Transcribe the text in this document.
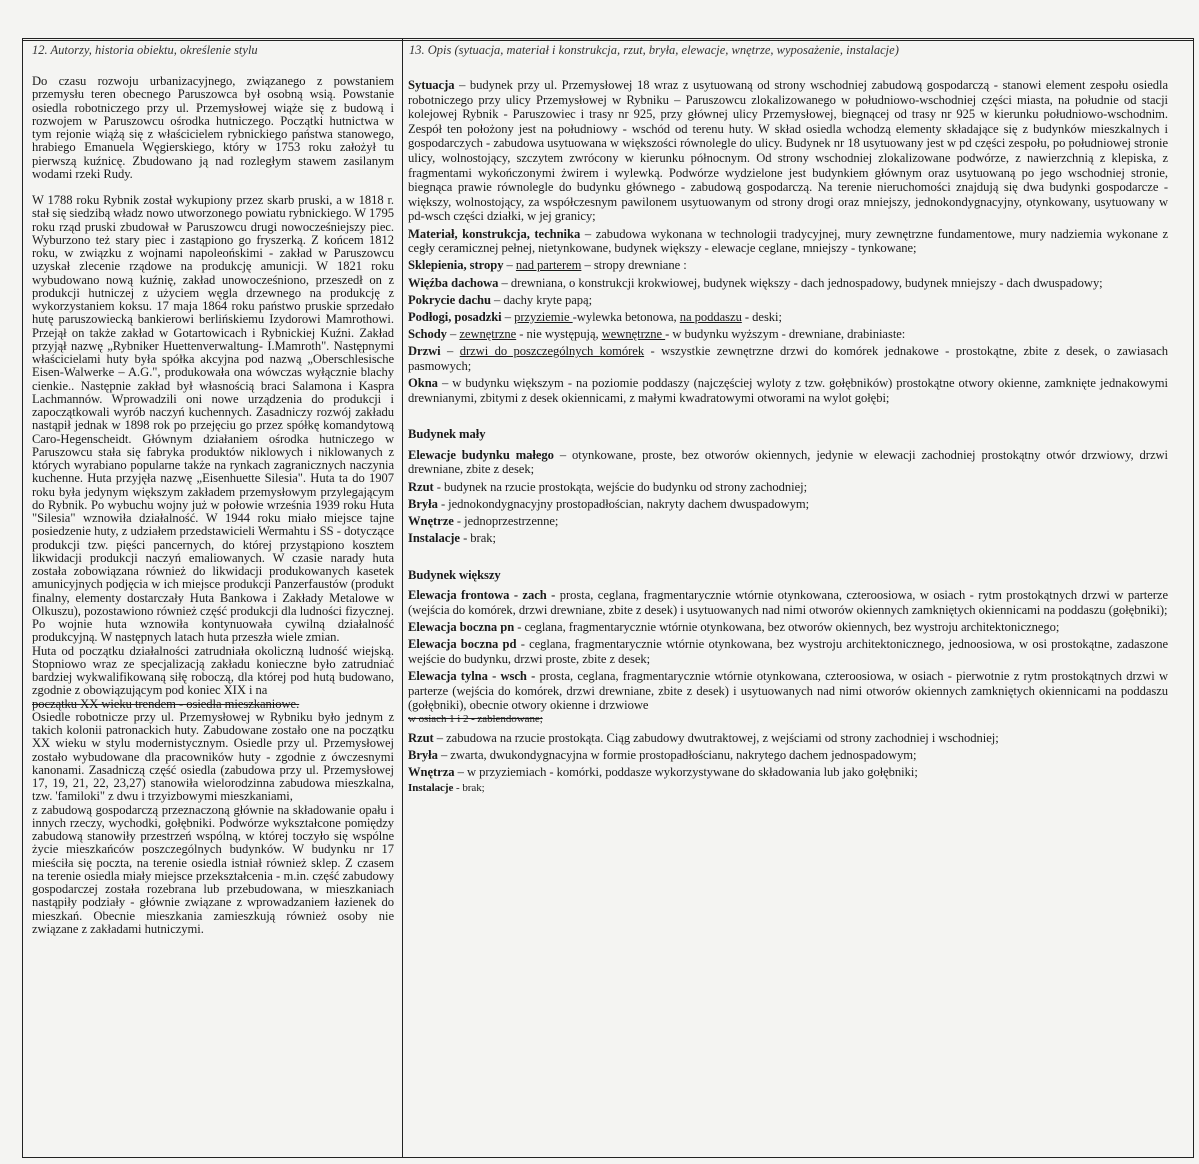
12. Autorzy, historia obiektu, określenie stylu	13. Opis (sytuacja, materiał i konstrukcja, rzut, bryła, elewacje, wnętrze, wyposażenie, instalacje)

Do czasu rozwoju urbanizacyjnego, związanego z powstaniem przemysłu teren obecnego Paruszowca był osobną wsią. Powstanie osiedla robotniczego przy ul. Przemysłowej wiąże się z budową i rozwojem w Paruszowcu ośrodka hutniczego. Początki hutnictwa w tym rejonie wiążą się z właścicielem rybnickiego państwa stanowego, hrabiego Emanuela Węgierskiego, który w 1753 roku założył tu pierwszą kuźnicę. Zbudowano ją nad rozległym stawem zasilanym wodami rzeki Rudy.

W 1788 roku Rybnik został wykupiony przez skarb pruski, a w 1818 r. stał się siedzibą władz nowo utworzonego powiatu rybnickiego. W 1795 roku rząd pruski zbudował w Paruszowcu drugi nowocześniejszy piec. Wyburzono też stary piec i zastąpiono go fryszerką. Z końcem 1812 roku, w związku z wojnami napoleońskimi - zakład w Paruszowcu uzyskał zlecenie rządowe na produkcję amunicji. W 1821 roku wybudowano nową kuźnię, zakład unowocześniono, przeszedł on z produkcji hutniczej z użyciem węgla drzewnego na produkcję z wykorzystaniem koksu. 17 maja 1864 roku państwo pruskie sprzedało hutę paruszowiecką bankierowi berlińskiemu Izydorowi Mamrothowi. Przejął on także zakład w Gotartowicach i Rybnickiej Kuźni. Zakład przyjął nazwę „Rybniker Huettenverwaltung- I.Mamroth". Następnymi właścicielami huty była spółka akcyjna pod nazwą „Oberschlesische Eisen-Walwerke – A.G.", produkowała ona wówczas wyłącznie blachy cienkie.. Następnie zakład był własnością braci Salamona i Kaspra Lachmannów. Wprowadzili oni nowe urządzenia do produkcji i zapoczątkowali wyrób naczyń kuchennych. Zasadniczy rozwój zakładu nastąpił jednak w 1898 rok po przejęciu go przez spółkę komandytową Caro-Hegenscheidt. Głównym działaniem ośrodka hutniczego w Paruszowcu stała się fabryka produktów niklowych i niklowanych z których wyrabiano popularne także na rynkach zagranicznych naczynia kuchenne. Huta przyjęła nazwę „Eisenhuette Silesia". Huta ta do 1907 roku była jedynym większym zakładem przemysłowym przylegającym do Rybnik. Po wybuchu wojny już w połowie września 1939 roku Huta "Silesia" wznowiła działalność. W 1944 roku miało miejsce tajne posiedzenie huty, z udziałem przedstawicieli Wermahtu i SS - dotyczące produkcji tzw. pięści pancernych, do której przystąpiono kosztem likwidacji produkcji naczyń emaliowanych. W czasie narady huta została zobowiązana również do likwidacji produkowanych kasetek amunicyjnych podjęcia w ich miejsce produkcji Panzerfaustów (produkt finalny, elementy dostarczały Huta Bankowa i Zakłady Metalowe w Olkuszu), pozostawiono również część produkcji dla ludności fizycznej. Po wojnie huta wznowiła kontynuowała cywilną działalność produkcyjną. W następnych latach huta przeszła wiele zmian.

Huta od początku działalności zatrudniała okoliczną ludność wiejską. Stopniowo wraz ze specjalizacją zakładu konieczne było zatrudniać bardziej wykwalifikowaną siłę roboczą, dla której pod hutą budowano, zgodnie z obowiązującym pod koniec XIX i na

początku XX wieku trendem - osiedla mieszkaniowe.

Osiedle robotnicze przy ul. Przemysłowej w Rybniku było jednym z takich kolonii patronackich huty. Zabudowane zostało one na początku XX wieku w stylu modernistycznym. Osiedle przy ul. Przemysłowej zostało wybudowane dla pracowników huty - zgodnie z ówczesnymi kanonami. Zasadniczą część osiedla (zabudowa przy ul. Przemysłowej 17, 19, 21, 22, 23,27) stanowiła wielorodzinna zabudowa mieszkalna, tzw. 'familoki" z dwu i trzyizbowymi mieszkaniami,

z zabudową gospodarczą przeznaczoną głównie na składowanie opału i innych rzeczy, wychodki, gołębniki. Podwórze wykształcone pomiędzy zabudową stanowiły przestrzeń wspólną, w której toczyło się wspólne życie mieszkańców poszczególnych budynków. W budynku nr 17 mieściła się poczta, na terenie osiedla istniał również sklep. Z czasem na terenie osiedla miały miejsce przekształcenia - m.in. część zabudowy gospodarczej została rozebrana lub przebudowana, w mieszkaniach nastąpiły podziały - głównie związane z wprowadzaniem łazienek do mieszkań. Obecnie mieszkania zamieszkują również osoby nie związane z zakładami hutniczymi.

Sytuacja – budynek przy ul. Przemysłowej 18 wraz z usytuowaną od strony wschodniej zabudową gospodarczą - stanowi element zespołu osiedla robotniczego przy ulicy Przemysłowej w Rybniku – Paruszowcu zlokalizowanego w południowo-wschodniej części miasta, na południe od stacji kolejowej Rybnik - Paruszowiec i trasy nr 925, przy głównej ulicy Przemysłowej, biegnącej od trasy nr 925 w kierunku południowo-wschodnim. Zespół ten położony jest na południowy - wschód od terenu huty. W skład osiedla wchodzą elementy składające się z budynków mieszkalnych i gospodarczych - zabudowa usytuowana w większości równolegle do ulicy. Budynek nr 18 usytuowany jest w pd części zespołu, po południowej stronie ulicy, wolnostojący, szczytem zwrócony w kierunku północnym. Od strony wschodniej zlokalizowane podwórze, z nawierzchnią z klepiska, z fragmentami wykończonymi żwirem i wylewką. Podwórze wydzielone jest budynkiem głównym oraz usytuowaną po jego wschodniej stronie, biegnąca prawie równolegle do budynku głównego - zabudową gospodarczą. Na terenie nieruchomości znajdują się dwa budynki gospodarcze - większy, wolnostojący, za współczesnym pawilonem usytuowanym od strony drogi oraz mniejszy, jednokondygnacyjny, otynkowany, usytuowany w pd-wsch części działki, w jej granicy;

Materiał, konstrukcja, technika – zabudowa wykonana w technologii tradycyjnej, mury zewnętrzne fundamentowe, mury nadziemia wykonane z cegły ceramicznej pełnej, nietynkowane, budynek większy - elewacje ceglane, mniejszy - tynkowane;

Sklepienia, stropy – nad parterem – stropy drewniane :

Więźba dachowa – drewniana, o konstrukcji krokwiowej, budynek większy - dach jednospadowy, budynek mniejszy - dach dwuspadowy;

Pokrycie dachu – dachy kryte papą;

Podłogi, posadzki – przyziemie -wylewka betonowa, na poddaszu - deski;

Schody – zewnętrzne - nie występują, wewnętrzne - w budynku wyższym - drewniane, drabiniaste:

Drzwi – drzwi do poszczególnych komórek - wszystkie zewnętrzne drzwi do komórek jednakowe - prostokątne, zbite z desek, o zawiasach pasmowych;

Okna – w budynku większym - na poziomie poddaszy (najczęściej wyloty z tzw. gołębników) prostokątne otwory okienne, zamknięte jednakowymi drewnianymi, zbitymi z desek okiennicami, z małymi kwadratowymi otworami na wylot gołębi;

Budynek mały

Elewacje budynku małego – otynkowane, proste, bez otworów okiennych, jedynie w elewacji zachodniej prostokątny otwór drzwiowy, drzwi drewniane, zbite z desek;

Rzut - budynek na rzucie prostokąta, wejście do budynku od strony zachodniej;

Bryła - jednokondygnacyjny prostopadłościan, nakryty dachem dwuspadowym;

Wnętrze - jednoprzestrzenne;

Instalacje - brak;

Budynek większy

Elewacja frontowa - zach - prosta, ceglana, fragmentarycznie wtórnie otynkowana, czteroosiowa, w osiach - rytm prostokątnych drzwi w parterze (wejścia do komórek, drzwi drewniane, zbite z desek) i usytuowanych nad nimi otworów okiennych zamkniętych okiennicami na poddaszu (gołębniki);

Elewacja boczna pn - ceglana, fragmentarycznie wtórnie otynkowana, bez otworów okiennych, bez wystroju architektonicznego;

Elewacja boczna pd - ceglana, fragmentarycznie wtórnie otynkowana, bez wystroju architektonicznego, jednoosiowa, w osi prostokątne, zadaszone wejście do budynku, drzwi proste, zbite z desek;

Elewacja tylna - wsch - prosta, ceglana, fragmentarycznie wtórnie otynkowana, czteroosiowa, w osiach - pierwotnie z rytm prostokątnych drzwi w parterze (wejścia do komórek, drzwi drewniane, zbite z desek) i usytuowanych nad nimi otworów okiennych zamkniętych okiennicami na poddaszu (gołębniki), obecnie otwory okienne i drzwiowe

w osiach 1 i 2 - zablendowane;

Rzut – zabudowa na rzucie prostokąta. Ciąg zabudowy dwutraktowej, z wejściami od strony zachodniej i wschodniej;

Bryła – zwarta, dwukondygnacyjna w formie prostopadłościanu, nakrytego dachem jednospadowym;

Wnętrza – w przyziemiach - komórki, poddasze wykorzystywane do składowania lub jako gołębniki;

Instalacje - brak;
